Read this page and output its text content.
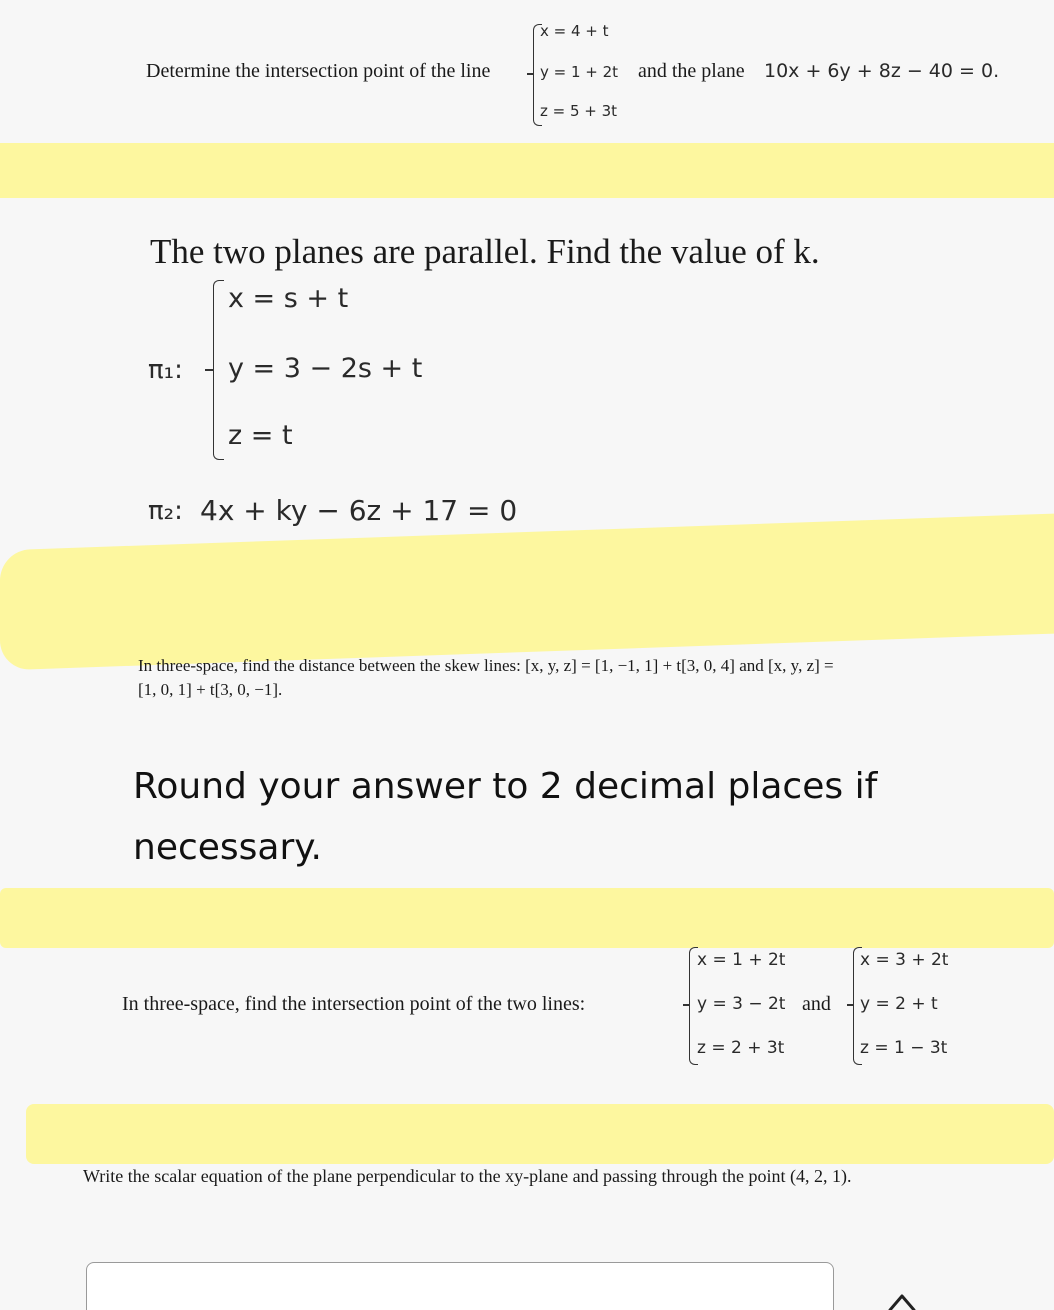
Determine the intersection point of the line
x = 4 + t
y = 1 + 2t
z = 5 + 3t
and the plane 10x + 6y + 8z − 40 = 0.
The two planes are parallel. Find the value of k.
π₁:
x = s + t
y = 3 − 2s + t
z = t
π₂: 4x + ky − 6z + 17 = 0
In three-space, find the distance between the skew lines: [x, y, z] = [1, −1, 1] + t[3, 0, 4] and [x, y, z] =
[1, 0, 1] + t[3, 0, −1].
Round your answer to 2 decimal places if
necessary.
In three-space, find the intersection point of the two lines:
x = 1 + 2t
y = 3 − 2t
z = 2 + 3t
and
x = 3 + 2t
y = 2 + t
z = 1 − 3t
Write the scalar equation of the plane perpendicular to the xy-plane and passing through the point (4, 2, 1).
